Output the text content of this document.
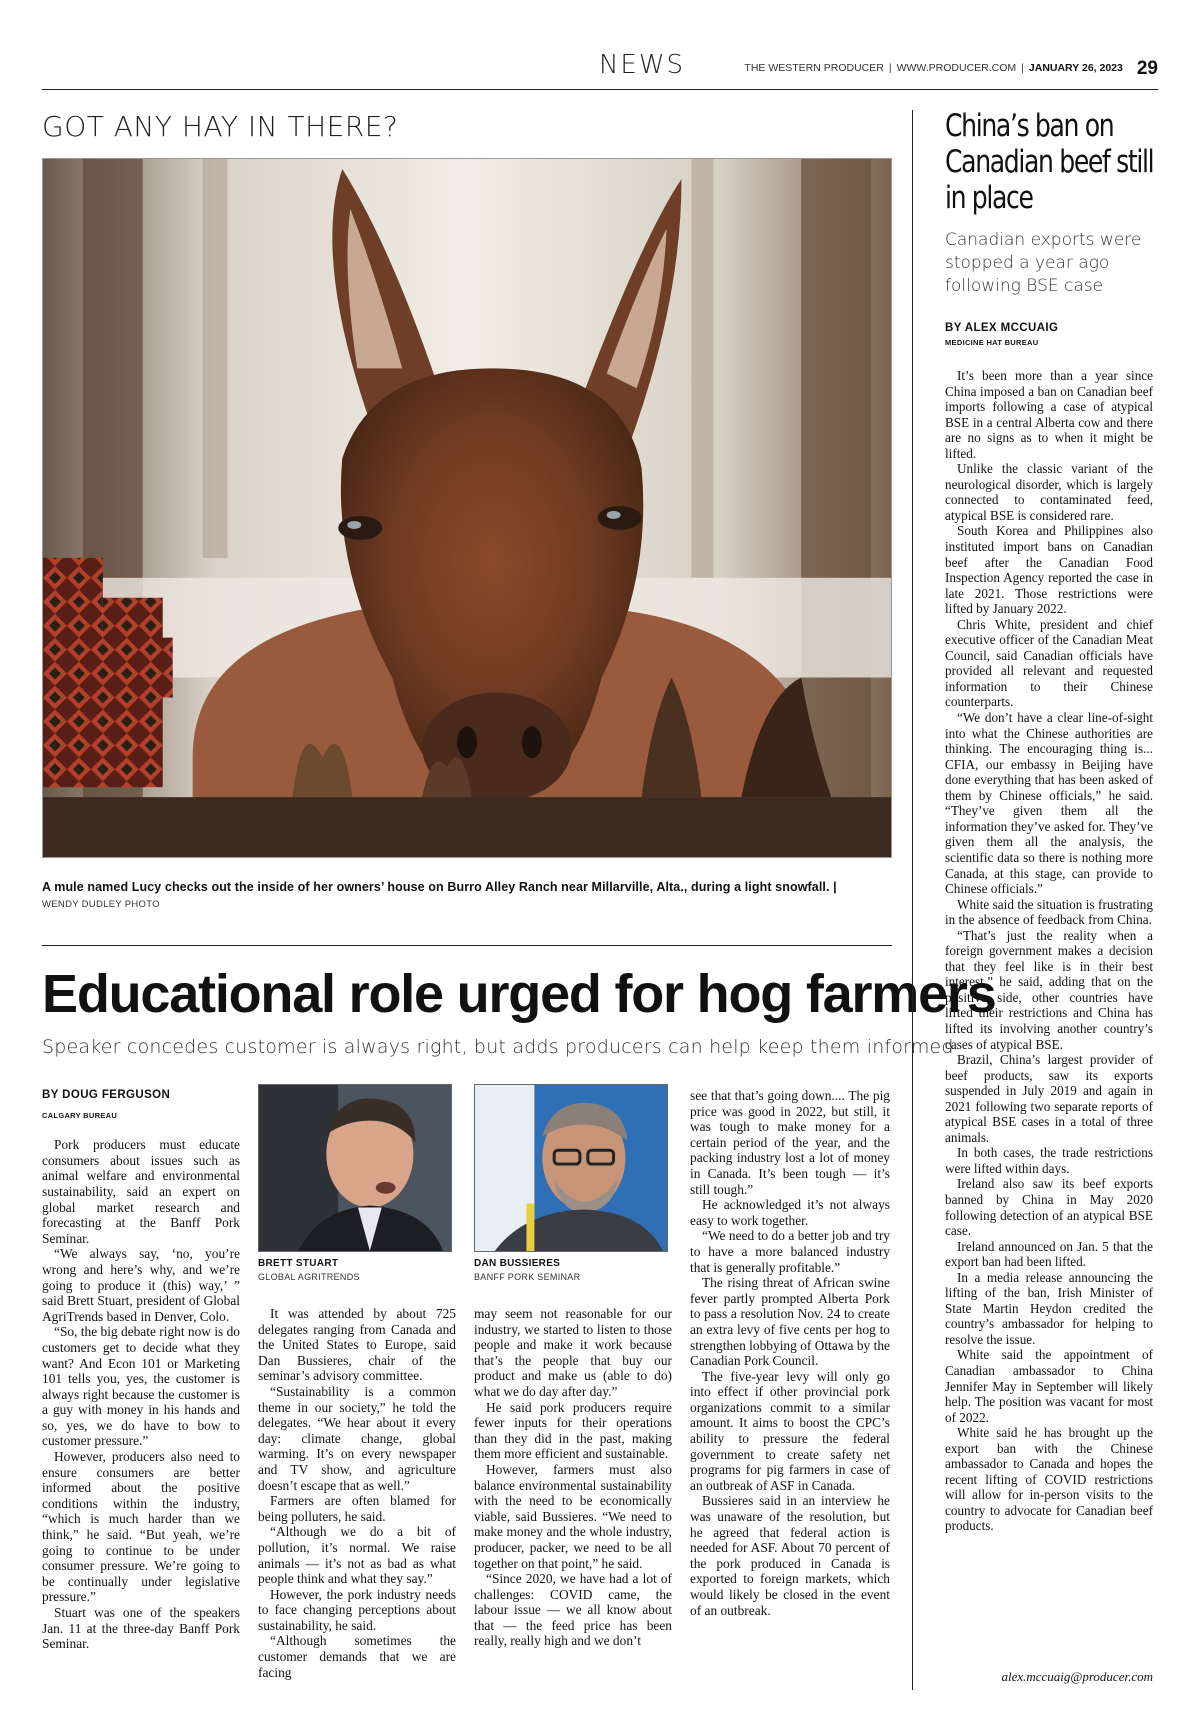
NEWS	THE WESTERN PRODUCER | WWW.PRODUCER.COM | JANUARY 26, 2023 29
GOT ANY HAY IN THERE?
A mule named Lucy checks out the inside of her owners’ house on Burro Alley Ranch near Millarville, Alta., during a light snowfall. |
WENDY DUDLEY PHOTO
Educational role urged for hog farmers
Speaker concedes customer is always right, but adds producers can help keep them informed
BY DOUG FERGUSON
CALGARY BUREAU

Pork producers must educate consumers about issues such as animal welfare and environmental sustainability, said an expert on global market research and forecasting at the Banff Pork Seminar.

“We always say, ‘no, you’re wrong and here’s why, and we’re going to produce it (this) way,’ ” said Brett Stuart, president of Global AgriTrends based in Denver, Colo.

“So, the big debate right now is do customers get to decide what they want? And Econ 101 or Marketing 101 tells you, yes, the customer is always right because the customer is a guy with money in his hands and so, yes, we do have to bow to customer pressure.”

However, producers also need to ensure consumers are better informed about the positive conditions within the industry, “which is much harder than we think,” he said. “But yeah, we’re going to continue to be under consumer pressure. We’re going to be continually under legislative pressure.”

Stuart was one of the speakers Jan. 11 at the three-day Banff Pork Seminar.

BRETT STUART
GLOBAL AGRITRENDS
DAN BUSSIERES
BANFF PORK SEMINAR

It was attended by about 725 delegates ranging from Canada and the United States to Europe, said Dan Bussieres, chair of the seminar’s advisory committee.

“Sustainability is a common theme in our society,” he told the delegates. “We hear about it every day: climate change, global warming. It’s on every newspaper and TV show, and agriculture doesn’t escape that as well.”

Farmers are often blamed for being polluters, he said.

“Although we do a bit of pollution, it’s normal. We raise animals — it’s not as bad as what people think and what they say.”

However, the pork industry needs to face changing perceptions about sustainability, he said.

“Although sometimes the customer demands that we are facing

may seem not reasonable for our industry, we started to listen to those people and make it work because that’s the people that buy our product and make us (able to do) what we do day after day.”

He said pork producers require fewer inputs for their operations than they did in the past, making them more efficient and sustainable.

However, farmers must also balance environmental sustainability with the need to be economically viable, said Bussieres. “We need to make money and the whole industry, producer, packer, we need to be all together on that point,” he said.

“Since 2020, we have had a lot of challenges: COVID came, the labour issue — we all know about that — the feed price has been really, really high and we don’t

see that that’s going down.... The pig price was good in 2022, but still, it was tough to make money for a certain period of the year, and the packing industry lost a lot of money in Canada. It’s been tough — it’s still tough.”

He acknowledged it’s not always easy to work together.

“We need to do a better job and try to have a more balanced industry that is generally profitable.”

The rising threat of African swine fever partly prompted Alberta Pork to pass a resolution Nov. 24 to create an extra levy of five cents per hog to strengthen lobbying of Ottawa by the Canadian Pork Council.

The five-year levy will only go into effect if other provincial pork organizations commit to a similar amount. It aims to boost the CPC’s ability to pressure the federal government to create safety net programs for pig farmers in case of an outbreak of ASF in Canada.

Bussieres said in an interview he was unaware of the resolution, but he agreed that federal action is needed for ASF. About 70 percent of the pork produced in Canada is exported to foreign markets, which would likely be closed in the event of an outbreak.

China’s ban on Canadian beef still in place
Canadian exports were stopped a year ago following BSE case
BY ALEX MCCUAIG
MEDICINE HAT BUREAU

It’s been more than a year since China imposed a ban on Canadian beef imports following a case of atypical BSE in a central Alberta cow and there are no signs as to when it might be lifted.

Unlike the classic variant of the neurological disorder, which is largely connected to contaminated feed, atypical BSE is considered rare.

South Korea and Philippines also instituted import bans on Canadian beef after the Canadian Food Inspection Agency reported the case in late 2021. Those restrictions were lifted by January 2022.

Chris White, president and chief executive officer of the Canadian Meat Council, said Canadian officials have provided all relevant and requested information to their Chinese counterparts.

“We don’t have a clear line-of-sight into what the Chinese authorities are thinking. The encouraging thing is... CFIA, our embassy in Beijing have done everything that has been asked of them by Chinese officials,” he said. “They’ve given them all the information they’ve asked for. They’ve given them all the analysis, the scientific data so there is nothing more Canada, at this stage, can provide to Chinese officials.”

White said the situation is frustrating in the absence of feedback from China.

“That’s just the reality when a foreign government makes a decision that they feel like is in their best interest,” he said, adding that on the positive side, other countries have lifted their restrictions and China has lifted its involving another country’s cases of atypical BSE.

Brazil, China’s largest provider of beef products, saw its exports suspended in July 2019 and again in 2021 following two separate reports of atypical BSE cases in a total of three animals.

In both cases, the trade restrictions were lifted within days.

Ireland also saw its beef exports banned by China in May 2020 following detection of an atypical BSE case.

Ireland announced on Jan. 5 that the export ban had been lifted.

In a media release announcing the lifting of the ban, Irish Minister of State Martin Heydon credited the country’s ambassador for helping to resolve the issue.

White said the appointment of Canadian ambassador to China Jennifer May in September will likely help. The position was vacant for most of 2022.

White said he has brought up the export ban with the Chinese ambassador to Canada and hopes the recent lifting of COVID restrictions will allow for in-person visits to the country to advocate for Canadian beef products.

alex.mccuaig@producer.com
